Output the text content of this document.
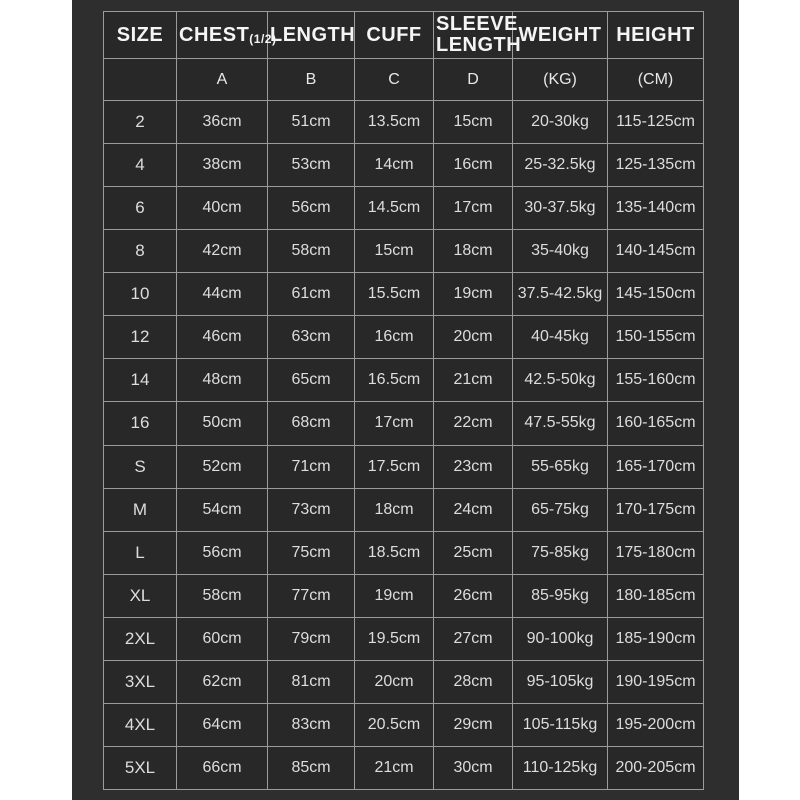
SIZE	CHEST(1/2)	LENGTH	CUFF	SLEEVE LENGTH	WEIGHT	HEIGHT
	A	B	C	D	(KG)	(CM)
2	36cm	51cm	13.5cm	15cm	20-30kg	115-125cm
4	38cm	53cm	14cm	16cm	25-32.5kg	125-135cm
6	40cm	56cm	14.5cm	17cm	30-37.5kg	135-140cm
8	42cm	58cm	15cm	18cm	35-40kg	140-145cm
10	44cm	61cm	15.5cm	19cm	37.5-42.5kg	145-150cm
12	46cm	63cm	16cm	20cm	40-45kg	150-155cm
14	48cm	65cm	16.5cm	21cm	42.5-50kg	155-160cm
16	50cm	68cm	17cm	22cm	47.5-55kg	160-165cm
S	52cm	71cm	17.5cm	23cm	55-65kg	165-170cm
M	54cm	73cm	18cm	24cm	65-75kg	170-175cm
L	56cm	75cm	18.5cm	25cm	75-85kg	175-180cm
XL	58cm	77cm	19cm	26cm	85-95kg	180-185cm
2XL	60cm	79cm	19.5cm	27cm	90-100kg	185-190cm
3XL	62cm	81cm	20cm	28cm	95-105kg	190-195cm
4XL	64cm	83cm	20.5cm	29cm	105-115kg	195-200cm
5XL	66cm	85cm	21cm	30cm	110-125kg	200-205cm
